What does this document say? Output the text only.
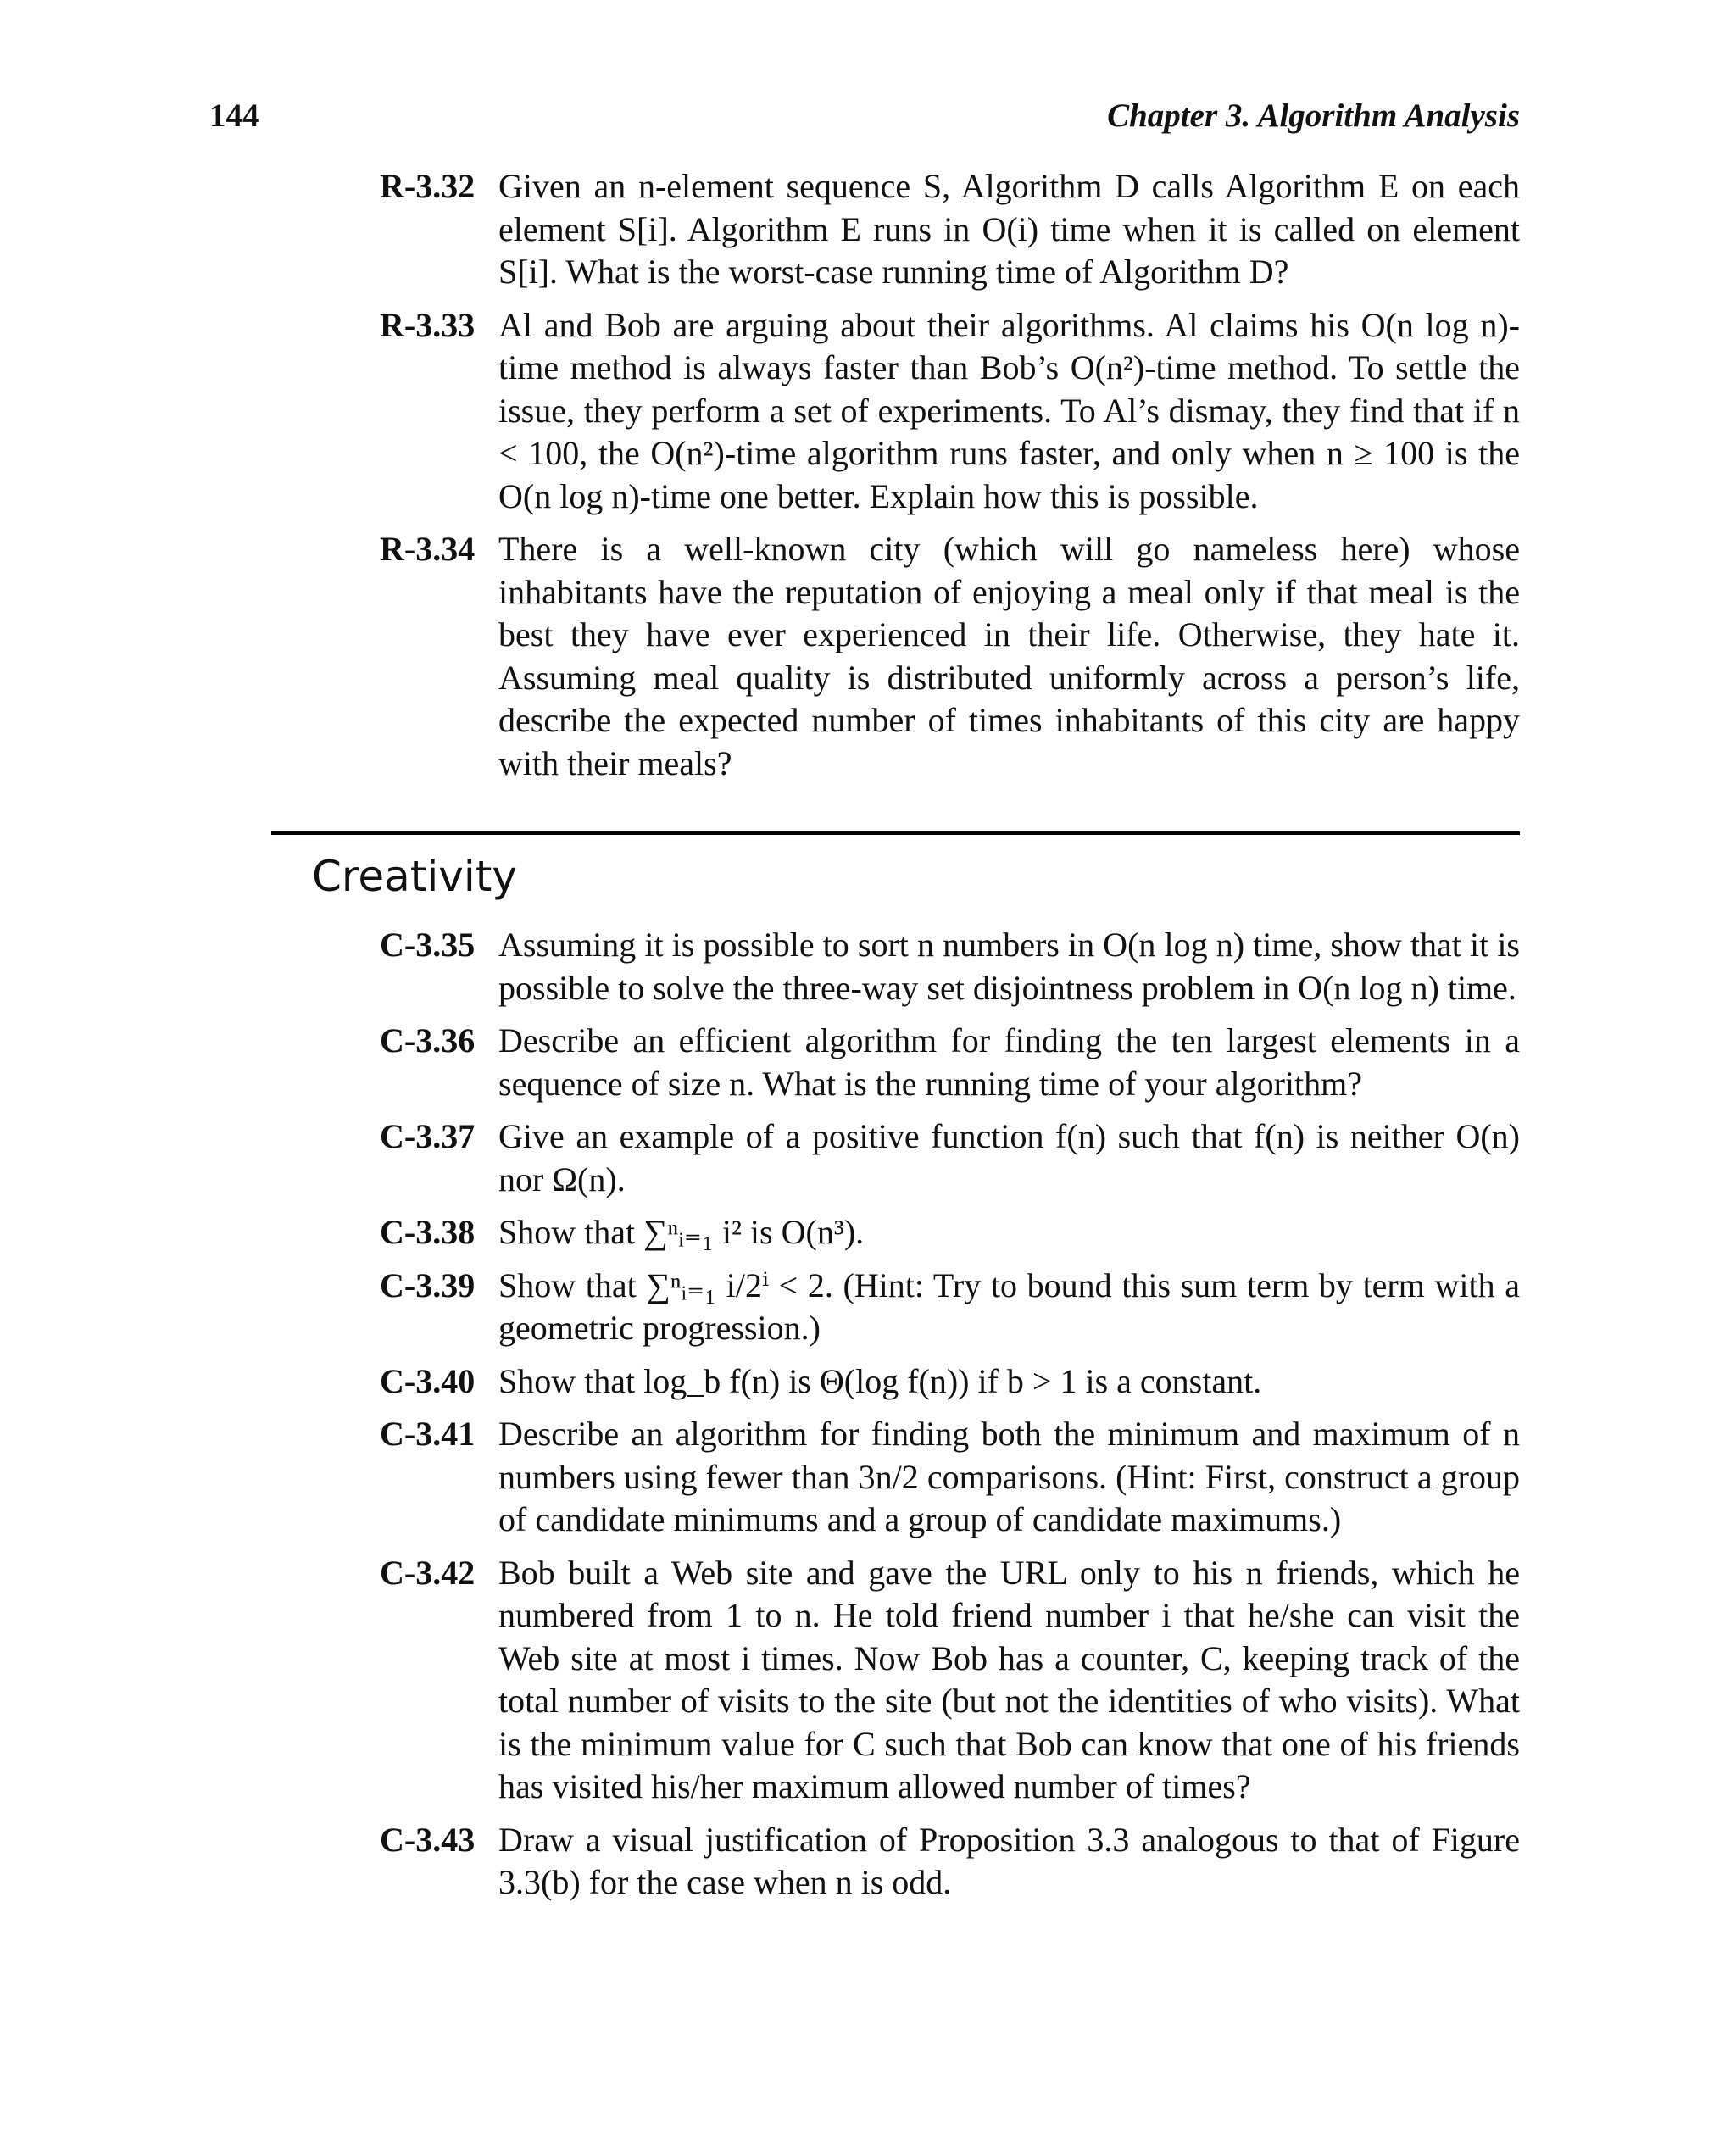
144	Chapter 3. Algorithm Analysis
R-3.32 Given an n-element sequence S, Algorithm D calls Algorithm E on each element S[i]. Algorithm E runs in O(i) time when it is called on element S[i]. What is the worst-case running time of Algorithm D?
R-3.33 Al and Bob are arguing about their algorithms. Al claims his O(n log n)-time method is always faster than Bob’s O(n²)-time method. To settle the issue, they perform a set of experiments. To Al’s dismay, they find that if n < 100, the O(n²)-time algorithm runs faster, and only when n ≥ 100 is the O(n log n)-time one better. Explain how this is possible.
R-3.34 There is a well-known city (which will go nameless here) whose inhabitants have the reputation of enjoying a meal only if that meal is the best they have ever experienced in their life. Otherwise, they hate it. Assuming meal quality is distributed uniformly across a person’s life, describe the expected number of times inhabitants of this city are happy with their meals?
Creativity
C-3.35 Assuming it is possible to sort n numbers in O(n log n) time, show that it is possible to solve the three-way set disjointness problem in O(n log n) time.
C-3.36 Describe an efficient algorithm for finding the ten largest elements in a sequence of size n. What is the running time of your algorithm?
C-3.37 Give an example of a positive function f(n) such that f(n) is neither O(n) nor Ω(n).
C-3.38 Show that ∑ⁿᵢ₌₁ i² is O(n³).
C-3.39 Show that ∑ⁿᵢ₌₁ i/2ⁱ < 2. (Hint: Try to bound this sum term by term with a geometric progression.)
C-3.40 Show that log_b f(n) is Θ(log f(n)) if b > 1 is a constant.
C-3.41 Describe an algorithm for finding both the minimum and maximum of n numbers using fewer than 3n/2 comparisons. (Hint: First, construct a group of candidate minimums and a group of candidate maximums.)
C-3.42 Bob built a Web site and gave the URL only to his n friends, which he numbered from 1 to n. He told friend number i that he/she can visit the Web site at most i times. Now Bob has a counter, C, keeping track of the total number of visits to the site (but not the identities of who visits). What is the minimum value for C such that Bob can know that one of his friends has visited his/her maximum allowed number of times?
C-3.43 Draw a visual justification of Proposition 3.3 analogous to that of Figure 3.3(b) for the case when n is odd.
